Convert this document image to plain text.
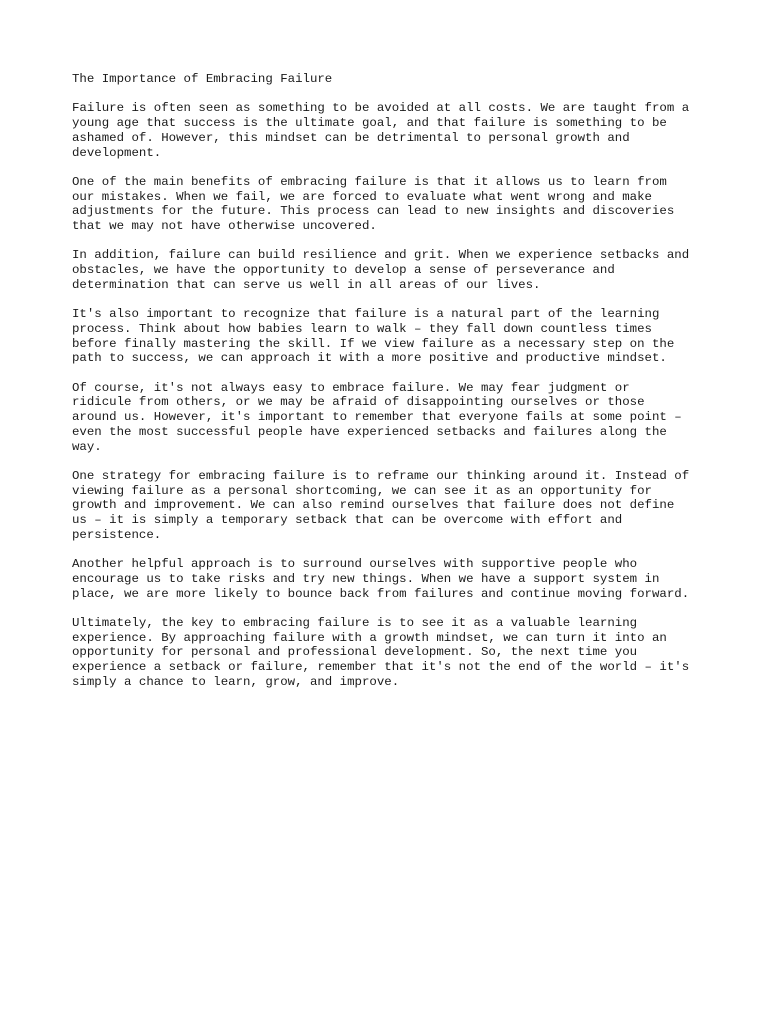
The Importance of Embracing Failure

Failure is often seen as something to be avoided at all costs. We are taught from a
young age that success is the ultimate goal, and that failure is something to be
ashamed of. However, this mindset can be detrimental to personal growth and
development.

One of the main benefits of embracing failure is that it allows us to learn from
our mistakes. When we fail, we are forced to evaluate what went wrong and make
adjustments for the future. This process can lead to new insights and discoveries
that we may not have otherwise uncovered.

In addition, failure can build resilience and grit. When we experience setbacks and
obstacles, we have the opportunity to develop a sense of perseverance and
determination that can serve us well in all areas of our lives.

It's also important to recognize that failure is a natural part of the learning
process. Think about how babies learn to walk – they fall down countless times
before finally mastering the skill. If we view failure as a necessary step on the
path to success, we can approach it with a more positive and productive mindset.

Of course, it's not always easy to embrace failure. We may fear judgment or
ridicule from others, or we may be afraid of disappointing ourselves or those
around us. However, it's important to remember that everyone fails at some point –
even the most successful people have experienced setbacks and failures along the
way.

One strategy for embracing failure is to reframe our thinking around it. Instead of
viewing failure as a personal shortcoming, we can see it as an opportunity for
growth and improvement. We can also remind ourselves that failure does not define
us – it is simply a temporary setback that can be overcome with effort and
persistence.

Another helpful approach is to surround ourselves with supportive people who
encourage us to take risks and try new things. When we have a support system in
place, we are more likely to bounce back from failures and continue moving forward.

Ultimately, the key to embracing failure is to see it as a valuable learning
experience. By approaching failure with a growth mindset, we can turn it into an
opportunity for personal and professional development. So, the next time you
experience a setback or failure, remember that it's not the end of the world – it's
simply a chance to learn, grow, and improve.
